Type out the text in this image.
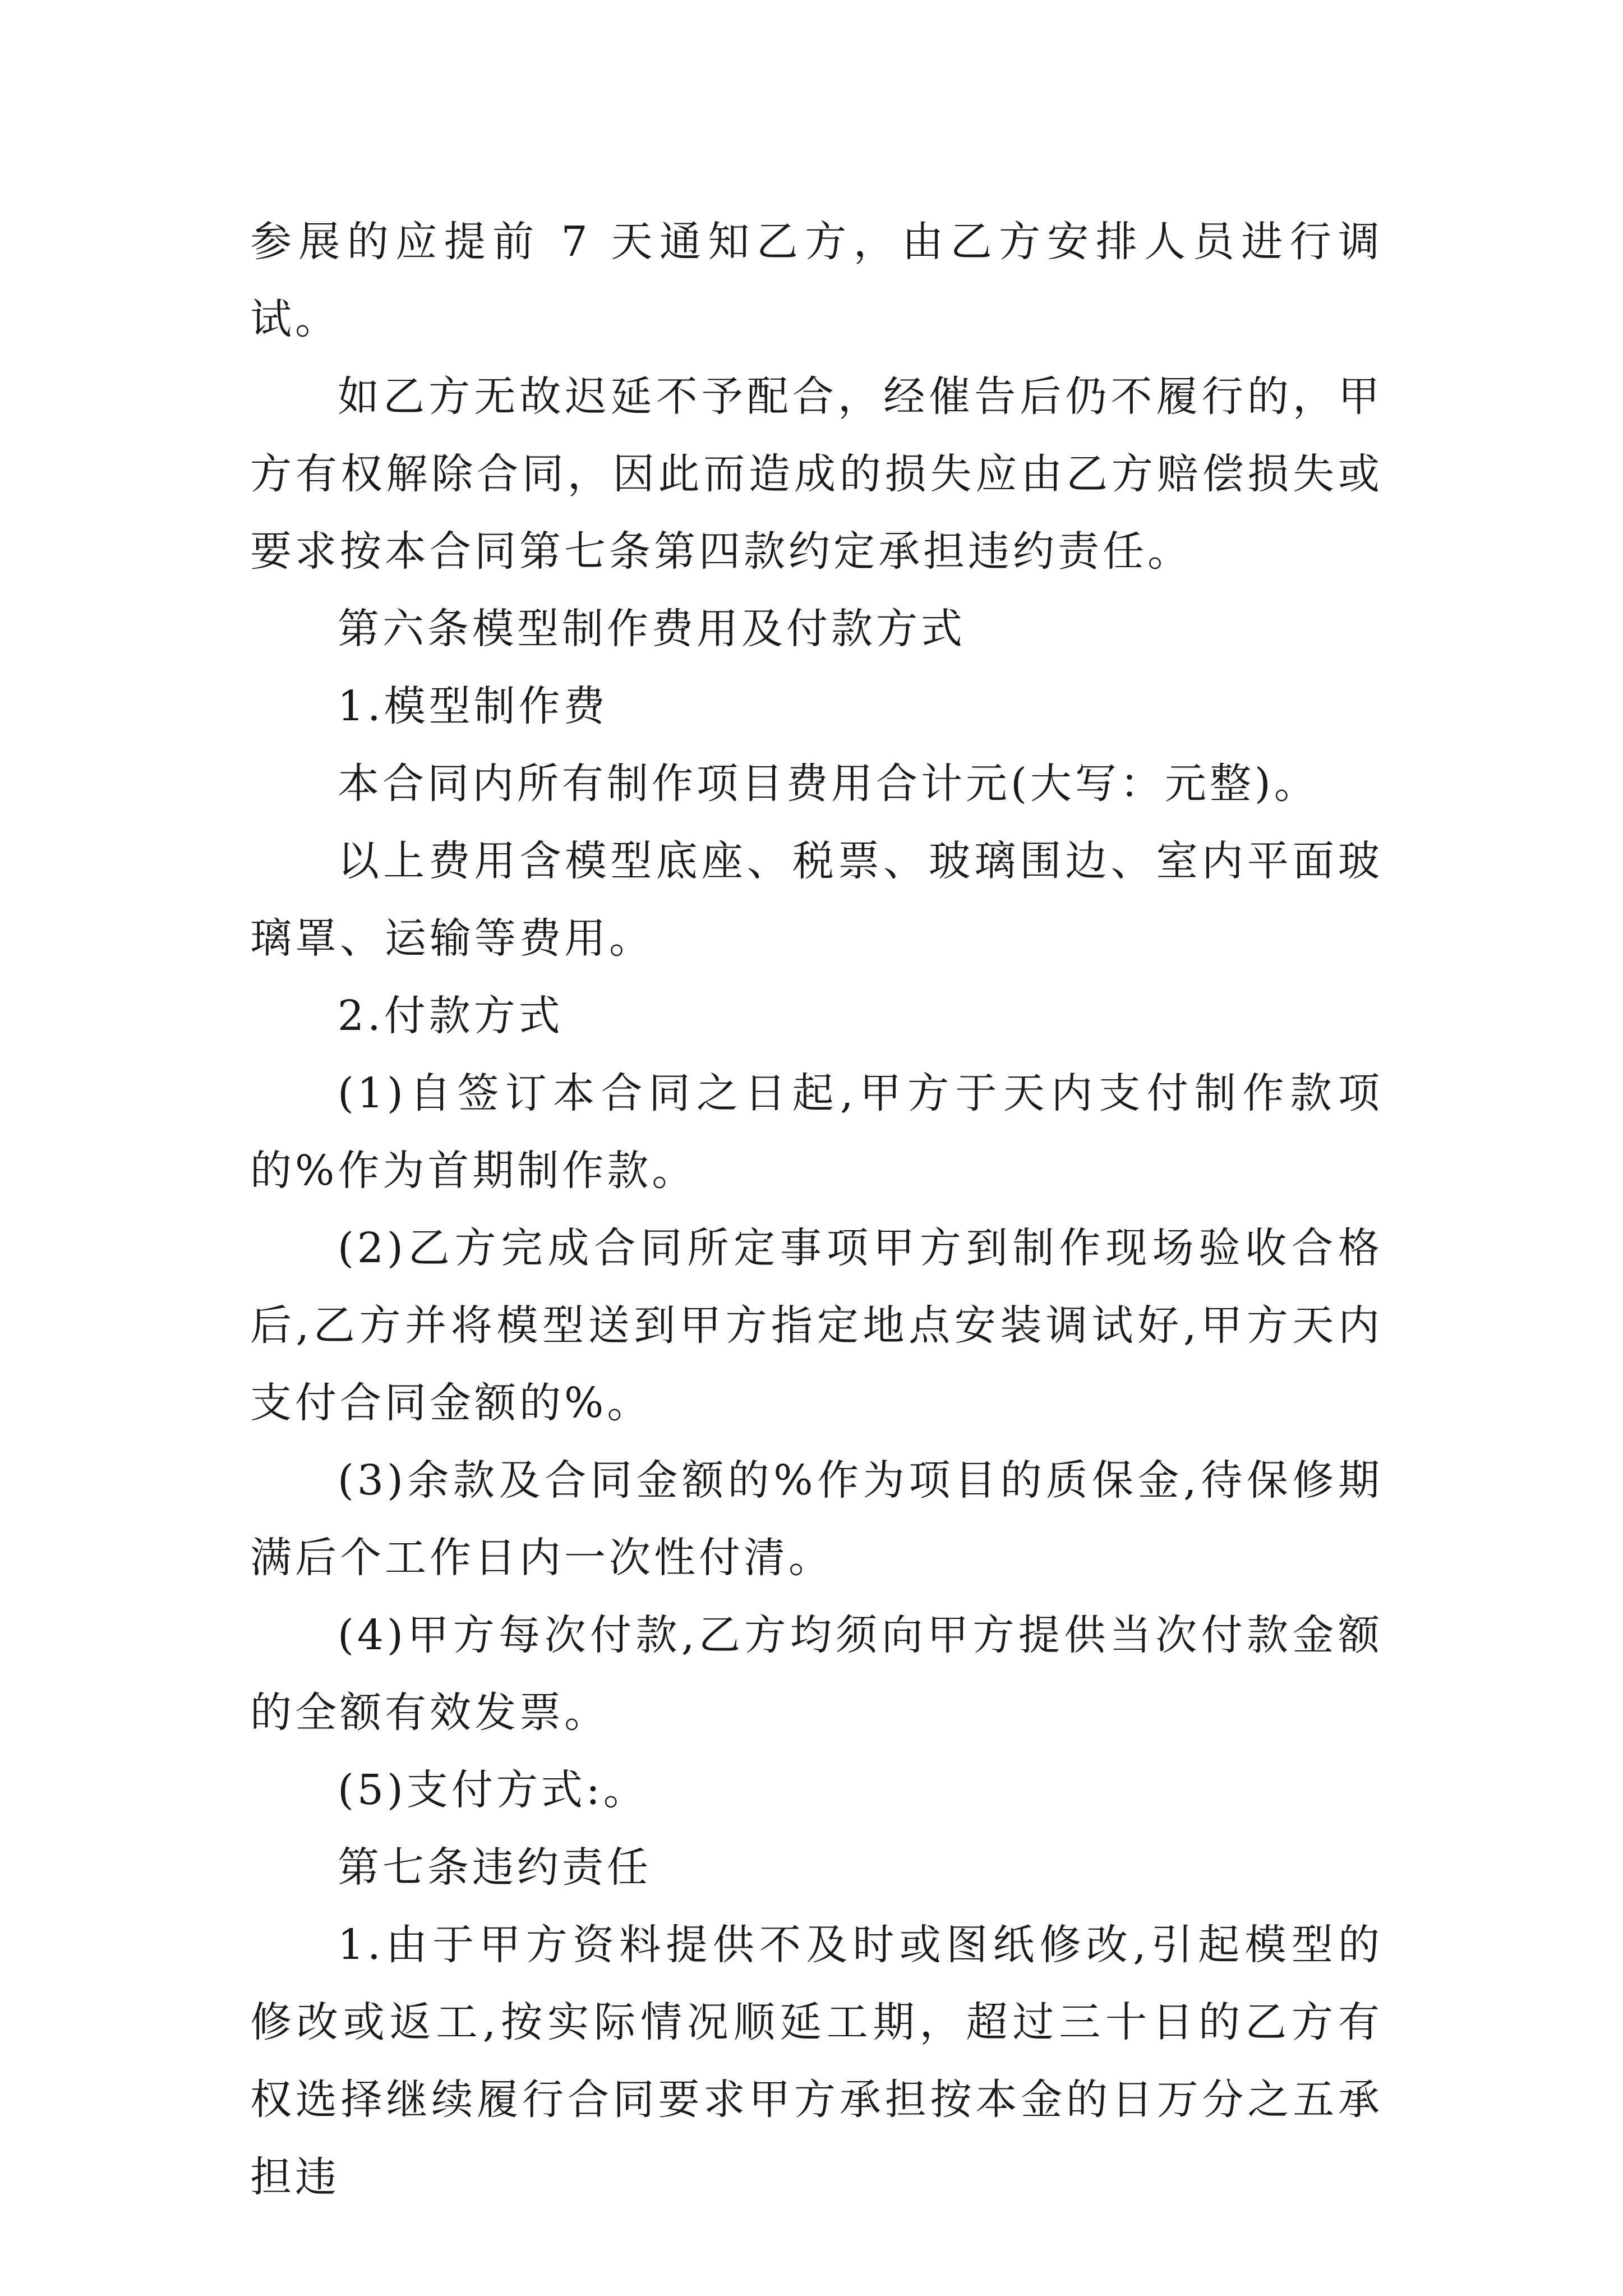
参展的应提前 7 天通知乙方，由乙方安排人员进行调试。

如乙方无故迟延不予配合，经催告后仍不履行的，甲方有权解除合同，因此而造成的损失应由乙方赔偿损失或要求按本合同第七条第四款约定承担违约责任。

第六条模型制作费用及付款方式

1.模型制作费

本合同内所有制作项目费用合计元(大写：元整)。

以上费用含模型底座、税票、玻璃围边、室内平面玻璃罩、运输等费用。

2.付款方式

(1)自签订本合同之日起,甲方于天内支付制作款项的%作为首期制作款。

(2)乙方完成合同所定事项甲方到制作现场验收合格后,乙方并将模型送到甲方指定地点安装调试好,甲方天内支付合同金额的%。

(3)余款及合同金额的%作为项目的质保金,待保修期满后个工作日内一次性付清。

(4)甲方每次付款,乙方均须向甲方提供当次付款金额的全额有效发票。

(5)支付方式:。

第七条违约责任

1.由于甲方资料提供不及时或图纸修改,引起模型的修改或返工,按实际情况顺延工期，超过三十日的乙方有权选择继续履行合同要求甲方承担按本金的日万分之五承担违
